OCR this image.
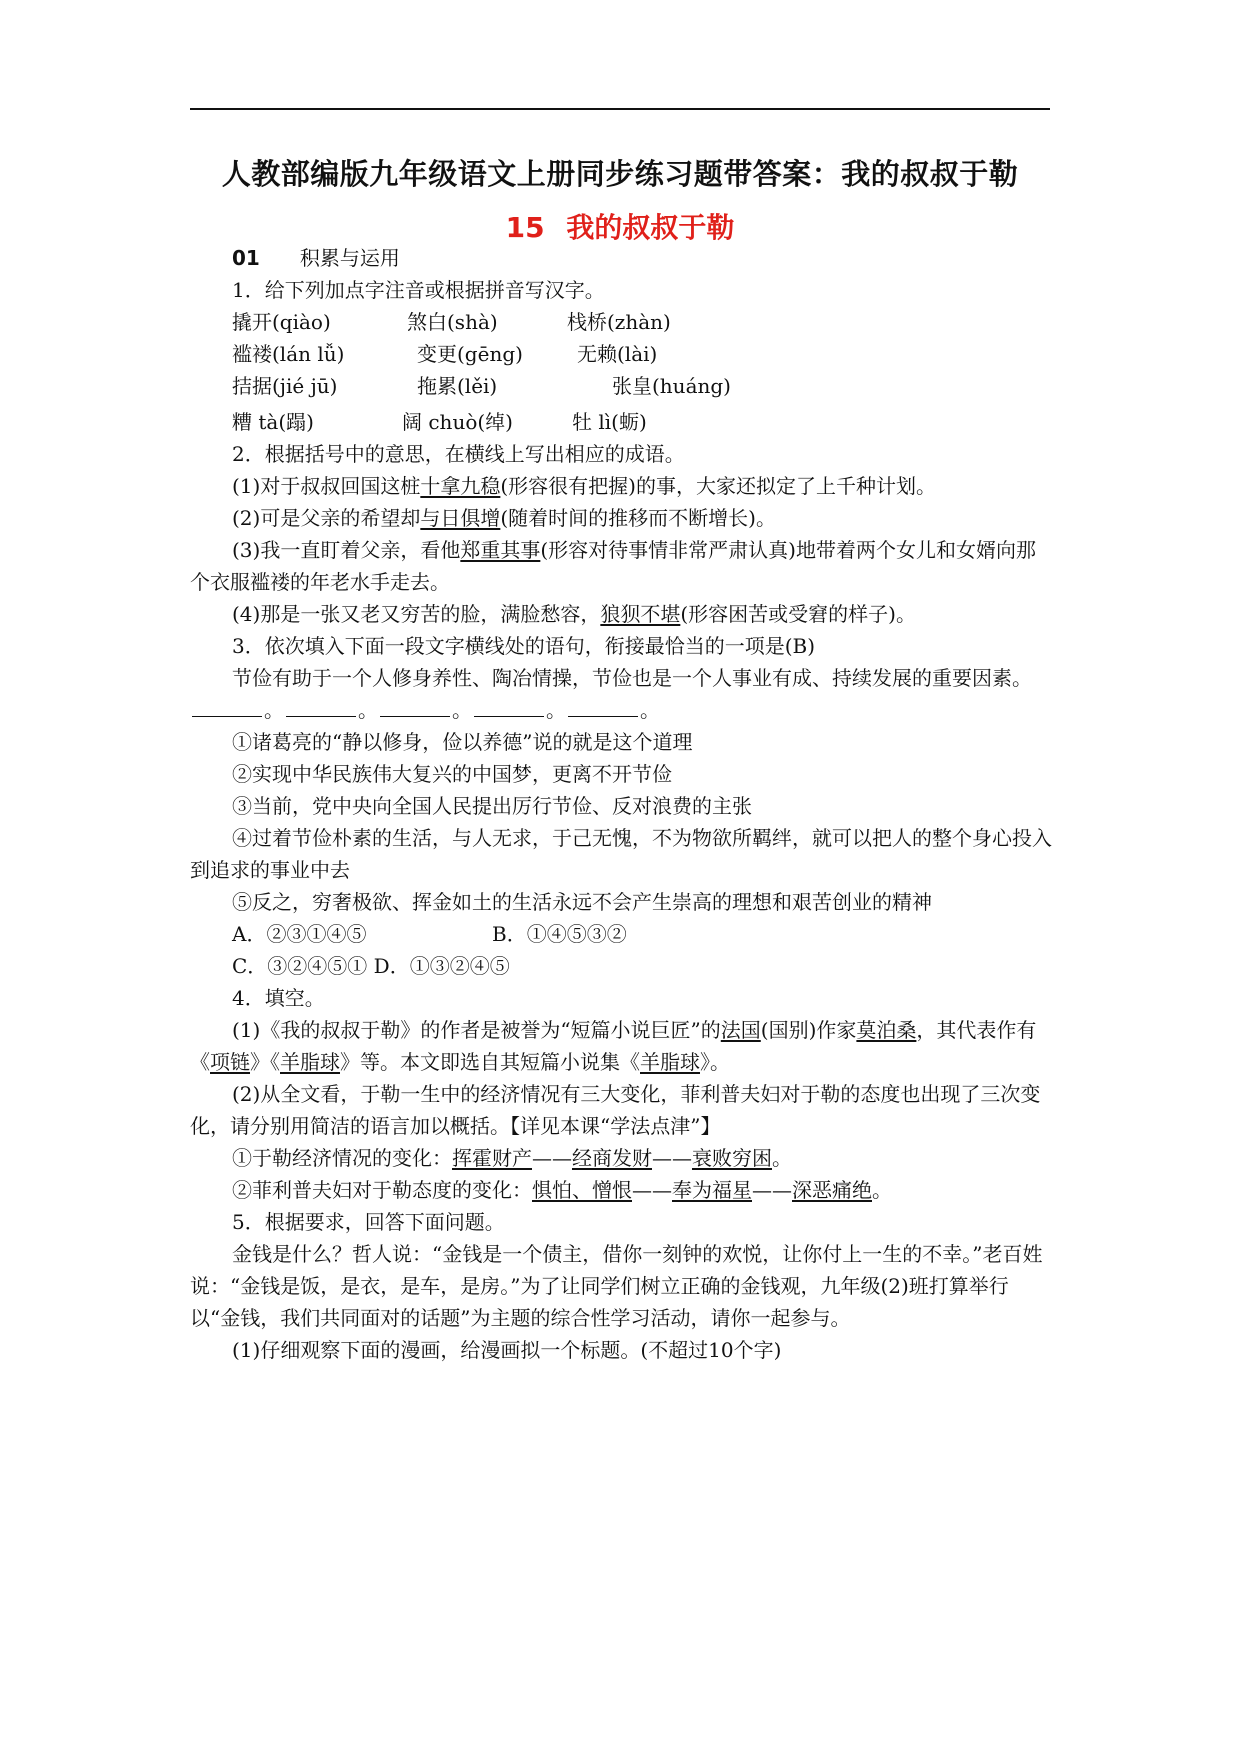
人教部编版九年级语文上册同步练习题带答案：我的叔叔于勒
15 我的叔叔于勒
01 积累与运用
1．给下列加点字注音或根据拼音写汉字。
撬开(qiào)	煞白(shà)	栈桥(zhàn)
褴褛(lán lǚ)	变更(gēng)	无赖(lài)
拮据(jié jū)	拖累(lěi)	张皇(huáng)
糟 tà(蹋)	阔 chuò(绰)	牡 lì(蛎)
2．根据括号中的意思，在横线上写出相应的成语。
(1)对于叔叔回国这桩十拿九稳(形容很有把握)的事，大家还拟定了上千种计划。
(2)可是父亲的希望却与日俱增(随着时间的推移而不断增长)。
(3)我一直盯着父亲，看他郑重其事(形容对待事情非常严肃认真)地带着两个女儿和女婿向那个衣服褴褛的年老水手走去。
(4)那是一张又老又穷苦的脸，满脸愁容，狼狈不堪(形容困苦或受窘的样子)。
3．依次填入下面一段文字横线处的语句，衔接最恰当的一项是(B)
节俭有助于一个人修身养性、陶冶情操，节俭也是一个人事业有成、持续发展的重要因素。。	。	。	。	。
①诸葛亮的“静以修身，俭以养德”说的就是这个道理
②实现中华民族伟大复兴的中国梦，更离不开节俭
③当前，党中央向全国人民提出厉行节俭、反对浪费的主张
④过着节俭朴素的生活，与人无求，于己无愧，不为物欲所羁绊，就可以把人的整个身心投入到追求的事业中去
⑤反之，穷奢极欲、挥金如土的生活永远不会产生崇高的理想和艰苦创业的精神
A．②③①④⑤	B．①④⑤③②
C．③②④⑤① D．①③②④⑤
4．填空。
(1)《我的叔叔于勒》的作者是被誉为“短篇小说巨匠”的法国(国别)作家莫泊桑，其代表作有《项链》《羊脂球》等。本文即选自其短篇小说集《羊脂球》。
(2)从全文看，于勒一生中的经济情况有三大变化，菲利普夫妇对于勒的态度也出现了三次变化，请分别用简洁的语言加以概括。【详见本课“学法点津”】
①于勒经济情况的变化：挥霍财产——经商发财——衰败穷困。
②菲利普夫妇对于勒态度的变化：惧怕、憎恨——奉为福星——深恶痛绝。
5．根据要求，回答下面问题。
金钱是什么？哲人说：“金钱是一个债主，借你一刻钟的欢悦，让你付上一生的不幸。”老百姓说：“金钱是饭，是衣，是车，是房。”为了让同学们树立正确的金钱观，九年级(2)班打算举行以“金钱，我们共同面对的话题”为主题的综合性学习活动，请你一起参与。
(1)仔细观察下面的漫画，给漫画拟一个标题。(不超过10个字)
